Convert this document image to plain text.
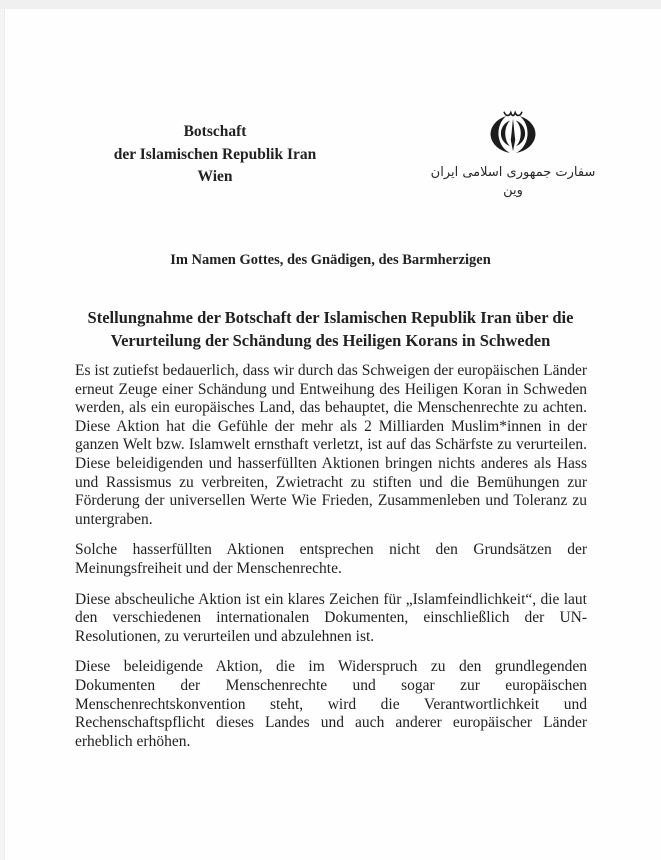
Botschaft
der Islamischen Republik Iran
Wien	سفارت جمهوری اسلامی ایران
وین
Im Namen Gottes, des Gnädigen, des Barmherzigen
Stellungnahme der Botschaft der Islamischen Republik Iran über die
Verurteilung der Schändung des Heiligen Korans in Schweden

Es ist zutiefst bedauerlich, dass wir durch das Schweigen der europäischen Länder erneut Zeuge einer Schändung und Entweihung des Heiligen Koran in Schweden werden, als ein europäisches Land, das behauptet, die Menschenrechte zu achten. Diese Aktion hat die Gefühle der mehr als 2 Milliarden Muslim*innen in der ganzen Welt bzw. Islamwelt ernsthaft verletzt, ist auf das Schärfste zu verurteilen. Diese beleidigenden und hasserfüllten Aktionen bringen nichts anderes als Hass und Rassismus zu verbreiten, Zwietracht zu stiften und die Bemühungen zur Förderung der universellen Werte Wie Frieden, Zusammenleben und Toleranz zu untergraben.

Solche hasserfüllten Aktionen entsprechen nicht den Grundsätzen der Meinungsfreiheit und der Menschenrechte.

Diese abscheuliche Aktion ist ein klares Zeichen für „Islamfeindlichkeit“, die laut den verschiedenen internationalen Dokumenten, einschließlich der UN-Resolutionen, zu verurteilen und abzulehnen ist.

Diese beleidigende Aktion, die im Widerspruch zu den grundlegenden Dokumenten der Menschenrechte und sogar zur europäischen Menschenrechtskonvention steht, wird die Verantwortlichkeit und Rechenschaftspflicht dieses Landes und auch anderer europäischer Länder erheblich erhöhen.
